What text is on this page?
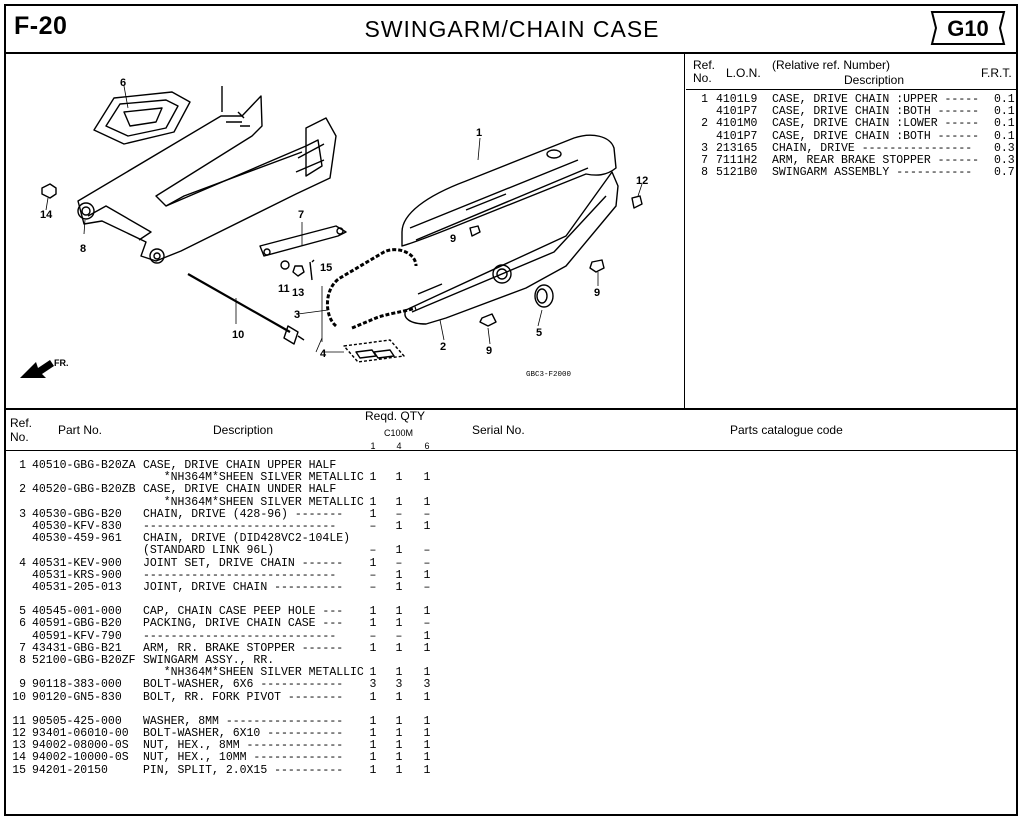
F-20	SWINGARM/CHAIN CASE	G10
Ref.
No. L.O.N.
(Relative ref. Number)
Description	F.R.T.
1 4101L9 CASE, DRIVE CHAIN :UPPER ----- 0.1
4101P7 CASE, DRIVE CHAIN :BOTH ------ 0.1
2 4101M0 CASE, DRIVE CHAIN :LOWER ----- 0.1
4101P7 CASE, DRIVE CHAIN :BOTH ------ 0.1
3 213165 CHAIN, DRIVE ---------------- 0.3
7 7111H2 ARM, REAR BRAKE STOPPER ------ 0.3
8 5121B0 SWINGARM ASSEMBLY ----------- 0.7
6
8
14	7
10
11 13
15
3
4
1
9
2
5
9
9
12
FR.
GBC3-F2000
Ref.
No. Part No.	Description
Reqd. QTY
C100M
1	4	6
Serial No.	Parts catalogue code
1 40510-GBG-B20ZA CASE, DRIVE CHAIN UPPER HALF
*NH364M*SHEEN SILVER METALLIC 1	1	1
2 40520-GBG-B20ZB CASE, DRIVE CHAIN UNDER HALF
*NH364M*SHEEN SILVER METALLIC 1	1	1
3 40530-GBG-B20 CHAIN, DRIVE (428-96) -------	1	–	–
40530-KFV-830 ----------------------------	–	1	1
40530-459-961 CHAIN, DRIVE (DID428VC2-104LE)
(STANDARD LINK 96L)	–	1	–
4 40531-KEV-900 JOINT SET, DRIVE CHAIN ------	1	–	–
40531-KRS-900 ----------------------------	–	1	1
40531-205-013 JOINT, DRIVE CHAIN ----------	–	1	–
5 40545-001-000 CAP, CHAIN CASE PEEP HOLE ---	1	1	1
6 40591-GBG-B20 PACKING, DRIVE CHAIN CASE ---	1	1	–
40591-KFV-790 ----------------------------	–	–	1
7 43431-GBG-B21 ARM, RR. BRAKE STOPPER ------	1	1	1
8 52100-GBG-B20ZF SWINGARM ASSY., RR.
*NH364M*SHEEN SILVER METALLIC 1	1	1
9 90118-383-000 BOLT-WASHER, 6X6 ------------	3	3	3
10 90120-GN5-830 BOLT, RR. FORK PIVOT --------	1	1	1
11 90505-425-000 WASHER, 8MM -----------------	1	1	1
12 93401-06010-00 BOLT-WASHER, 6X10 -----------	1	1	1
13 94002-08000-0S NUT, HEX., 8MM --------------	1	1	1
14 94002-10000-0S NUT, HEX., 10MM -------------	1	1	1
15 94201-20150	PIN, SPLIT, 2.0X15 ----------	1	1	1
